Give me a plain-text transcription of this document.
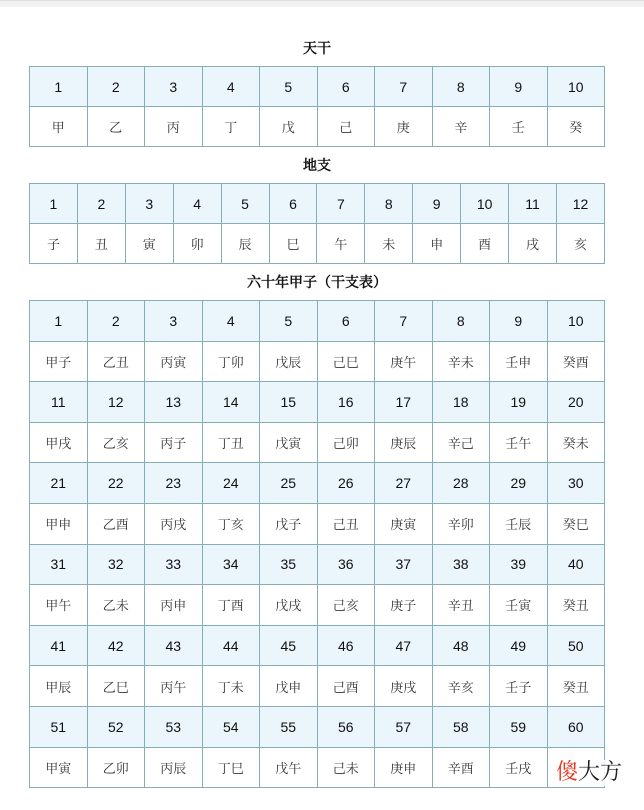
天干
1	2	3	4	5	6	7	8	9	10
甲	乙	丙	丁	戊	己	庚	辛	壬	癸
地支
1	2	3	4	5	6	7	8	9	10	11	12
子	丑	寅	卯	辰	巳	午	未	申	酉	戌	亥
六十年甲子（干支表）
1	2	3	4	5	6	7	8	9	10
甲子	乙丑	丙寅	丁卯	戊辰	己巳	庚午	辛未	壬申	癸酉
11	12	13	14	15	16	17	18	19	20
甲戌	乙亥	丙子	丁丑	戊寅	己卯	庚辰	辛己	壬午	癸未
21	22	23	24	25	26	27	28	29	30
甲申	乙酉	丙戌	丁亥	戊子	己丑	庚寅	辛卯	壬辰	癸巳
31	32	33	34	35	36	37	38	39	40
甲午	乙未	丙申	丁酉	戊戌	己亥	庚子	辛丑	壬寅	癸丑
41	42	43	44	45	46	47	48	49	50
甲辰	乙巳	丙午	丁未	戊申	己酉	庚戌	辛亥	壬子	癸丑
51	52	53	54	55	56	57	58	59	60
甲寅	乙卯	丙辰	丁巳	戊午	己未	庚申	辛酉	壬戌	傻大方
